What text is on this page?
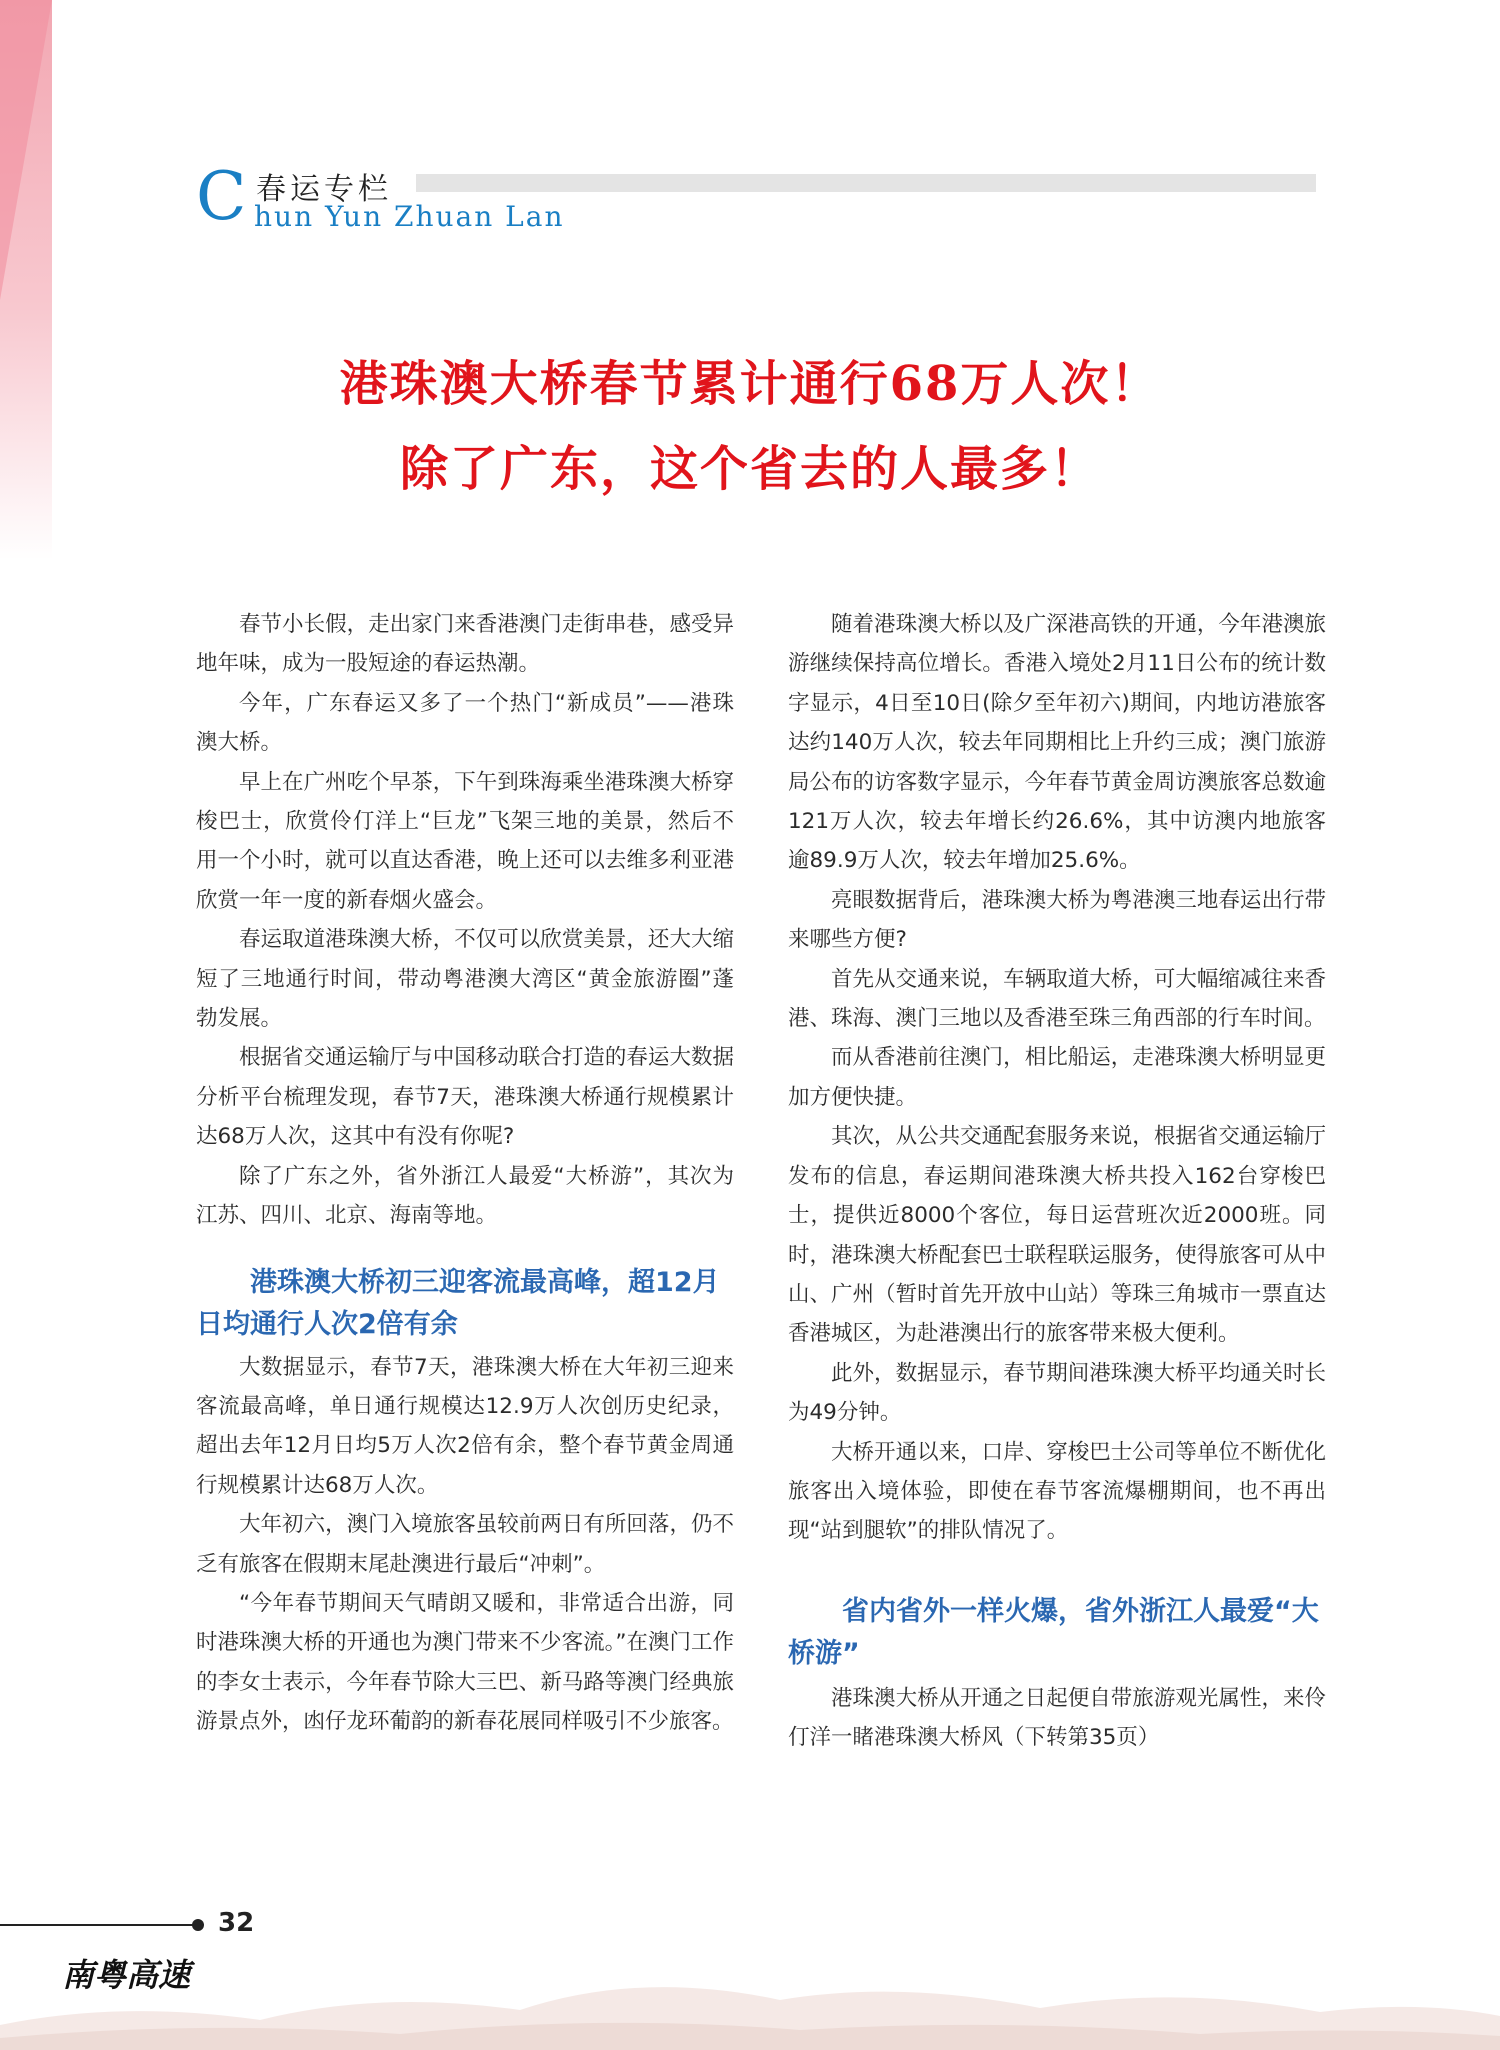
C 春运专栏
hun Yun Zhuan Lan
港珠澳大桥春节累计通行68万人次！
除了广东，这个省去的人最多！

春节小长假，走出家门来香港澳门走街串巷，感受异地年味，成为一股短途的春运热潮。

今年，广东春运又多了一个热门“新成员”——港珠澳大桥。

早上在广州吃个早茶，下午到珠海乘坐港珠澳大桥穿梭巴士，欣赏伶仃洋上“巨龙”飞架三地的美景，然后不用一个小时，就可以直达香港，晚上还可以去维多利亚港欣赏一年一度的新春烟火盛会。

春运取道港珠澳大桥，不仅可以欣赏美景，还大大缩短了三地通行时间，带动粤港澳大湾区“黄金旅游圈”蓬勃发展。

根据省交通运输厅与中国移动联合打造的春运大数据分析平台梳理发现，春节7天，港珠澳大桥通行规模累计达68万人次，这其中有没有你呢?

除了广东之外，省外浙江人最爱“大桥游”，其次为江苏、四川、北京、海南等地。

港珠澳大桥初三迎客流最高峰，超12月日均通行人次2倍有余

大数据显示，春节7天，港珠澳大桥在大年初三迎来客流最高峰，单日通行规模达12.9万人次创历史纪录，超出去年12月日均5万人次2倍有余，整个春节黄金周通行规模累计达68万人次。

大年初六，澳门入境旅客虽较前两日有所回落，仍不乏有旅客在假期末尾赴澳进行最后“冲刺”。

“今年春节期间天气晴朗又暖和，非常适合出游，同时港珠澳大桥的开通也为澳门带来不少客流。”在澳门工作的李女士表示，今年春节除大三巴、新马路等澳门经典旅游景点外，凼仔龙环葡韵的新春花展同样吸引不少旅客。

随着港珠澳大桥以及广深港高铁的开通，今年港澳旅游继续保持高位增长。香港入境处2月11日公布的统计数字显示，4日至10日(除夕至年初六)期间，内地访港旅客达约140万人次，较去年同期相比上升约三成；澳门旅游局公布的访客数字显示，今年春节黄金周访澳旅客总数逾121万人次，较去年增长约26.6%，其中访澳内地旅客逾89.9万人次，较去年增加25.6%。

亮眼数据背后，港珠澳大桥为粤港澳三地春运出行带来哪些方便?

首先从交通来说，车辆取道大桥，可大幅缩减往来香港、珠海、澳门三地以及香港至珠三角西部的行车时间。

而从香港前往澳门，相比船运，走港珠澳大桥明显更加方便快捷。

其次，从公共交通配套服务来说，根据省交通运输厅发布的信息，春运期间港珠澳大桥共投入162台穿梭巴士，提供近8000个客位，每日运营班次近2000班。同时，港珠澳大桥配套巴士联程联运服务，使得旅客可从中山、广州（暂时首先开放中山站）等珠三角城市一票直达香港城区，为赴港澳出行的旅客带来极大便利。

此外，数据显示，春节期间港珠澳大桥平均通关时长为49分钟。

大桥开通以来，口岸、穿梭巴士公司等单位不断优化旅客出入境体验，即使在春节客流爆棚期间，也不再出现“站到腿软”的排队情况了。

省内省外一样火爆，省外浙江人最爱“大桥游”

港珠澳大桥从开通之日起便自带旅游观光属性，来伶仃洋一睹港珠澳大桥风（下转第35页）

32
南粤高速
